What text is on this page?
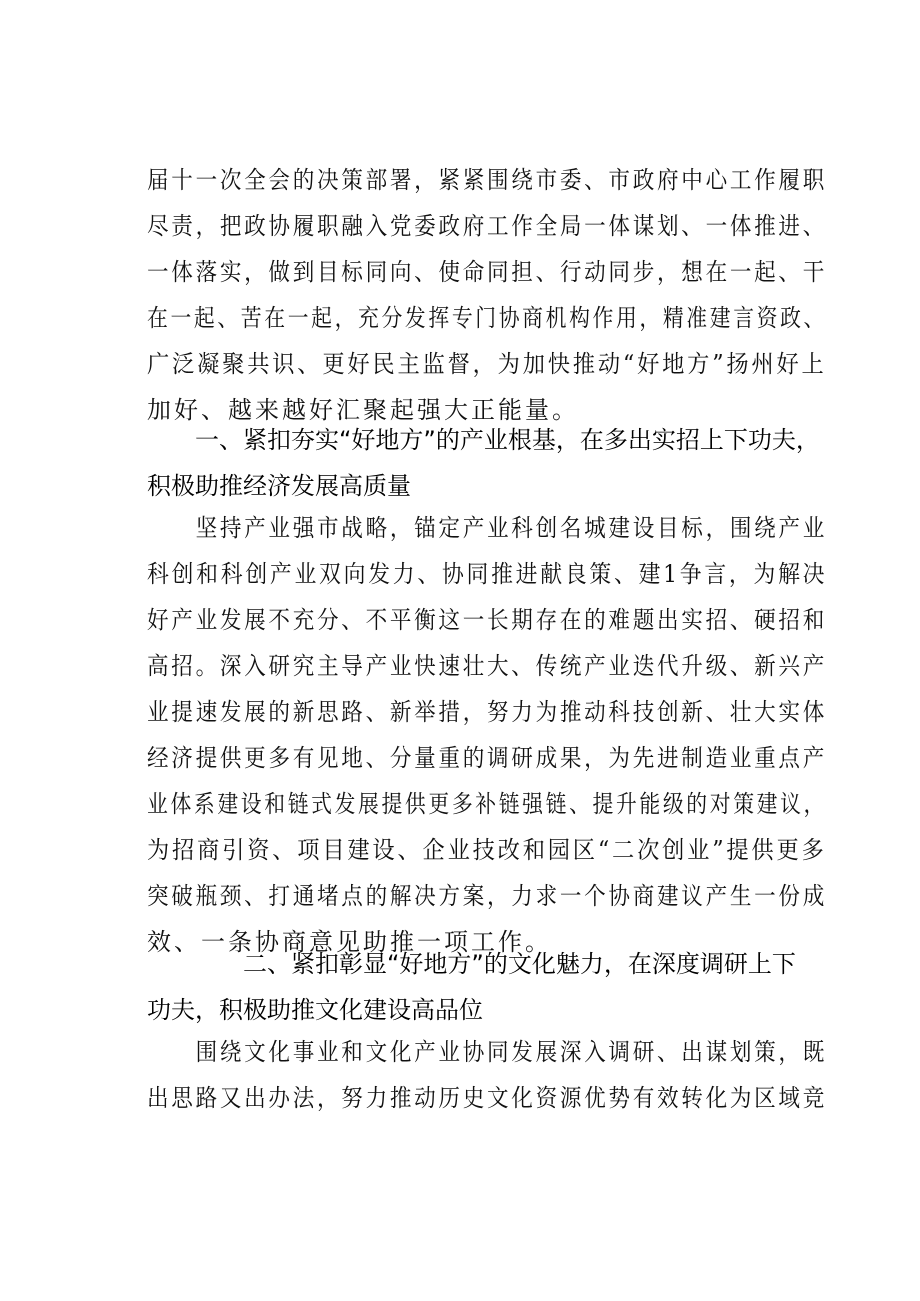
届十一次全会的决策部署，紧紧围绕市委、市政府中心工作履职
尽责，把政协履职融入党委政府工作全局一体谋划、一体推进、
一体落实，做到目标同向、使命同担、行动同步，想在一起、干
在一起、苦在一起，充分发挥专门协商机构作用，精准建言资政、
广泛凝聚共识、更好民主监督，为加快推动“好地方”扬州好上
加好、越来越好汇聚起强大正能量。
　　一、紧扣夯实“好地方”的产业根基，在多出实招上下功夫，
积极助推经济发展高质量
　　坚持产业强市战略，锚定产业科创名城建设目标，围绕产业
科创和科创产业双向发力、协同推进献良策、建1争言，为解决
好产业发展不充分、不平衡这一长期存在的难题出实招、硬招和
高招。深入研究主导产业快速壮大、传统产业迭代升级、新兴产
业提速发展的新思路、新举措，努力为推动科技创新、壮大实体
经济提供更多有见地、分量重的调研成果，为先进制造业重点产
业体系建设和链式发展提供更多补链强链、提升能级的对策建议，
为招商引资、项目建设、企业技改和园区“二次创业”提供更多
突破瓶颈、打通堵点的解决方案，力求一个协商建议产生一份成
效、一条协商意见助推一项工作。
　　　　二、紧扣彰显“好地方”的文化魅力，在深度调研上下
功夫，积极助推文化建设高品位
　　围绕文化事业和文化产业协同发展深入调研、出谋划策，既
出思路又出办法，努力推动历史文化资源优势有效转化为区域竞
